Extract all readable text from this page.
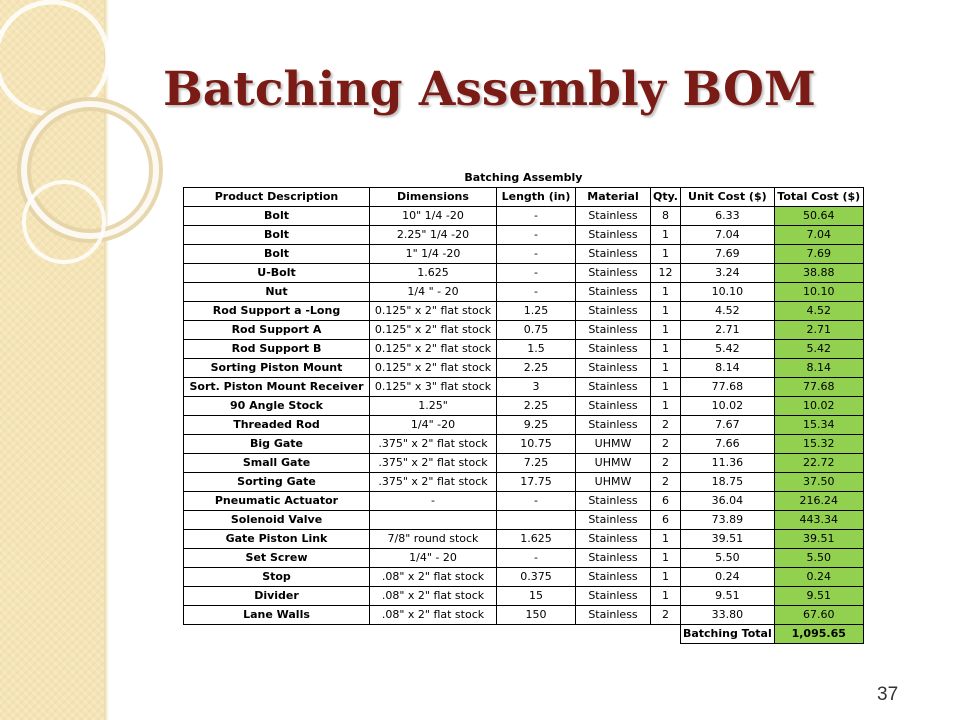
Batching Assembly BOM
Batching Assembly						
Product Description	Dimensions	Length (in)	Material	Qty.	Unit Cost ($)	Total Cost ($)
Bolt	10" 1/4 -20	-	Stainless	8	6.33	50.64
Bolt	2.25" 1/4 -20	-	Stainless	1	7.04	7.04
Bolt	1" 1/4 -20	-	Stainless	1	7.69	7.69
U-Bolt	1.625	-	Stainless	12	3.24	38.88
Nut	1/4 " - 20	-	Stainless	1	10.10	10.10
Rod Support a -Long	0.125" x 2" flat stock	1.25	Stainless	1	4.52	4.52
Rod Support A	0.125" x 2" flat stock	0.75	Stainless	1	2.71	2.71
Rod Support B	0.125" x 2" flat stock	1.5	Stainless	1	5.42	5.42
Sorting Piston Mount	0.125" x 2" flat stock	2.25	Stainless	1	8.14	8.14
Sort. Piston Mount Receiver	0.125" x 3" flat stock	3	Stainless	1	77.68	77.68
90 Angle Stock	1.25"	2.25	Stainless	1	10.02	10.02
Threaded Rod	1/4" -20	9.25	Stainless	2	7.67	15.34
Big Gate	.375" x 2" flat stock	10.75	UHMW	2	7.66	15.32
Small Gate	.375" x 2" flat stock	7.25	UHMW	2	11.36	22.72
Sorting Gate	.375" x 2" flat stock	17.75	UHMW	2	18.75	37.50
Pneumatic Actuator	-	-	Stainless	6	36.04	216.24
Solenoid Valve			Stainless	6	73.89	443.34
Gate Piston Link	7/8" round stock	1.625	Stainless	1	39.51	39.51
Set Screw	1/4" - 20	-	Stainless	1	5.50	5.50
Stop	.08" x 2" flat stock	0.375	Stainless	1	0.24	0.24
Divider	.08" x 2" flat stock	15	Stainless	1	9.51	9.51
Lane Walls	.08" x 2" flat stock	150	Stainless	2	33.80	67.60
					Batching Total	1,095.65
37
